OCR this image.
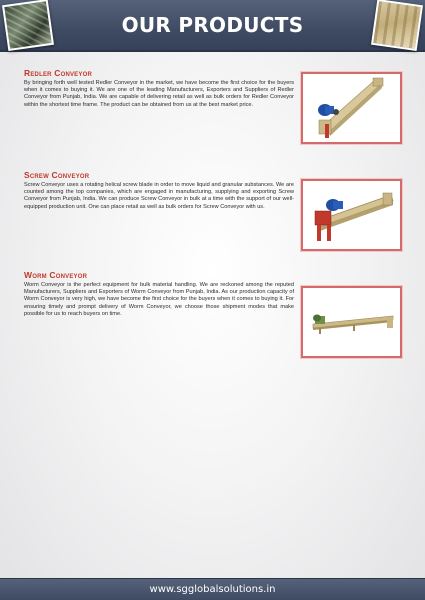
OUR PRODUCTS
Redler Conveyor
By bringing forth well tested Redler Conveyor in the market, we have become the first choice for the buyers when it comes to buying it. We are one of the leading Manufacturers, Exporters and Suppliers of Redler Conveyor from Punjab, India. We are capable of delivering retail as well as bulk orders for Redler Conveyor within the shortest time frame. The product can be obtained from us at the best market price.
Screw Conveyor
Screw Conveyor uses a rotating helical screw blade in order to move liquid and granular substances. We are counted among the top companies, which are engaged in manufacturing, supplying and exporting Screw Conveyor from Punjab, India. We can produce Screw Conveyor in bulk at a time with the support of our well-equipped production unit. One can place retail as well as bulk orders for Screw Conveyor with us.
Worm Conveyor
Worm Conveyor is the perfect equipment for bulk material handling. We are reckoned among the reputed Manufacturers, Suppliers and Exporters of Worm Conveyor from Punjab, India. As our production capacity of Worm Conveyor is very high, we have become the first choice for the buyers when it comes to buying it. For ensuring timely and prompt delivery of Worm Conveyor, we choose those shipment modes that make possible for us to reach buyers on time.
www.sgglobalsolutions.in
